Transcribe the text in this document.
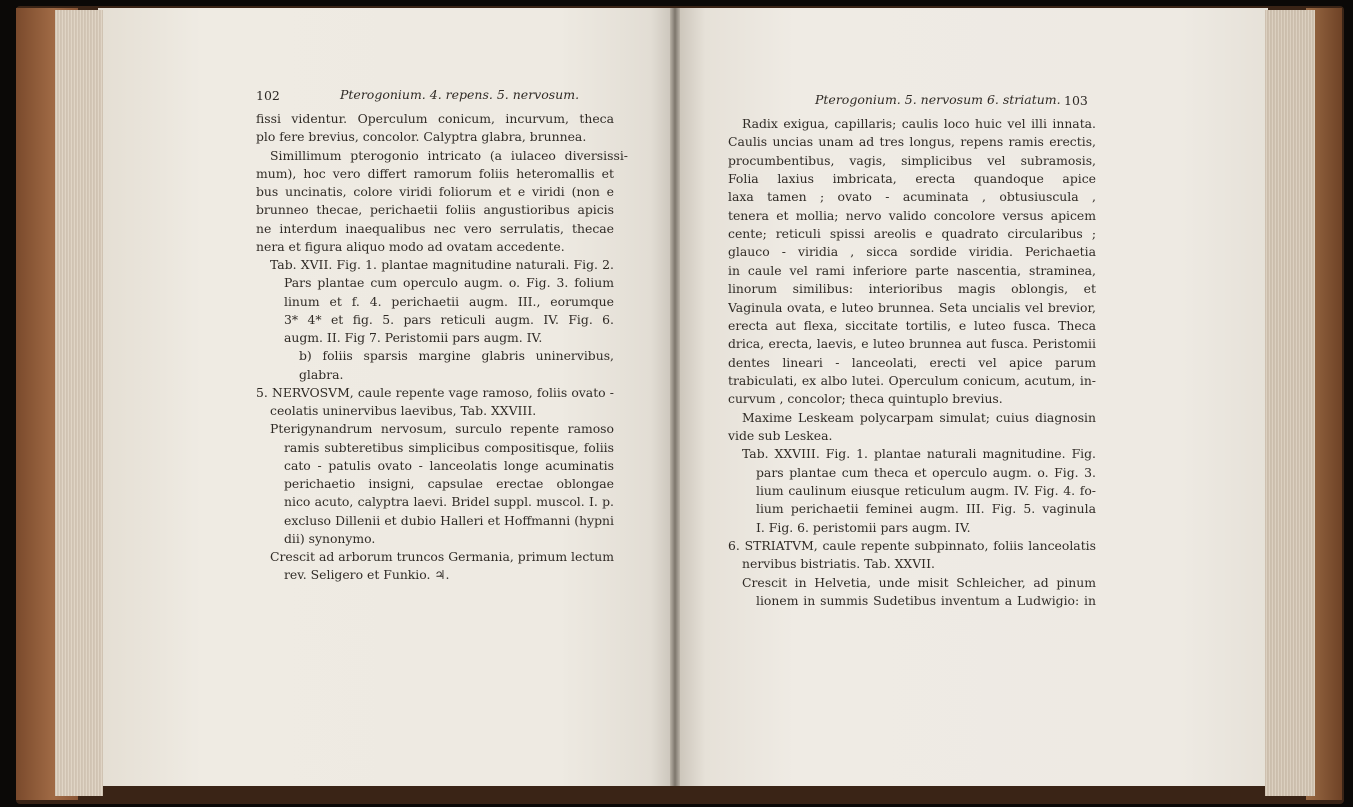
102	Pterogonium. 4. repens. 5. nervosum.
fissi videntur. Operculum conicum, incurvum, theca
plo fere brevius, concolor. Calyptra glabra, brunnea.
Simillimum pterogonio intricato (a iulaceo diversissi-
mum), hoc vero differt ramorum foliis heteromallis et
bus uncinatis, colore viridi foliorum et e viridi (non e
brunneo thecae, perichaetii foliis angustioribus apicis
ne interdum inaequalibus nec vero serrulatis, thecae
nera et figura aliquo modo ad ovatam accedente.
Tab. XVII. Fig. 1. plantae magnitudine naturali. Fig. 2.
Pars plantae cum operculo augm. o. Fig. 3. folium
linum et f. 4. perichaetii augm. III., eorumque
3* 4* et fig. 5. pars reticuli augm. IV. Fig. 6.
augm. II. Fig 7. Peristomii pars augm. IV.
b) foliis sparsis margine glabris uninervibus,
glabra.
5. NERVOSVM, caule repente vage ramoso, foliis ovato -
ceolatis uninervibus laevibus, Tab. XXVIII.
Pterigynandrum nervosum, surculo repente ramoso
ramis subteretibus simplicibus compositisque, foliis
cato - patulis ovato - lanceolatis longe acuminatis
perichaetio insigni, capsulae erectae oblongae
nico acuto, calyptra laevi. Bridel suppl. muscol. I. p.
excluso Dillenii et dubio Halleri et Hoffmanni (hypni
dii) synonymo.
Crescit ad arborum truncos Germania, primum lectum
rev. Seligero et Funkio. ♃.
Pterogonium. 5. nervosum 6. striatum. 103
Radix exigua, capillaris; caulis loco huic vel illi innata.
Caulis uncias unam ad tres longus, repens ramis erectis,
procumbentibus, vagis, simplicibus vel subramosis,
Folia laxius imbricata, erecta quandoque apice
laxa tamen ; ovato - acuminata , obtusiuscula ,
tenera et mollia; nervo valido concolore versus apicem
cente; reticuli spissi areolis e quadrato circularibus ;
glauco - viridia , sicca sordide viridia. Perichaetia
in caule vel rami inferiore parte nascentia, straminea,
linorum similibus: interioribus magis oblongis, et
Vaginula ovata, e luteo brunnea. Seta uncialis vel brevior,
erecta aut flexa, siccitate tortilis, e luteo fusca. Theca
drica, erecta, laevis, e luteo brunnea aut fusca. Peristomii
dentes lineari - lanceolati, erecti vel apice parum
trabiculati, ex albo lutei. Operculum conicum, acutum, in-
curvum , concolor; theca quintuplo brevius.
Maxime Leskeam polycarpam simulat; cuius diagnosin
vide sub Leskea.
Tab. XXVIII. Fig. 1. plantae naturali magnitudine. Fig.
pars plantae cum theca et operculo augm. o. Fig. 3.
lium caulinum eiusque reticulum augm. IV. Fig. 4. fo-
lium perichaetii feminei augm. III. Fig. 5. vaginula
I. Fig. 6. peristomii pars augm. IV.
6. STRIATVM, caule repente subpinnato, foliis lanceolatis
nervibus bistriatis. Tab. XXVII.
Crescit in Helvetia, unde misit Schleicher, ad pinum
lionem in summis Sudetibus inventum a Ludwigio: in
